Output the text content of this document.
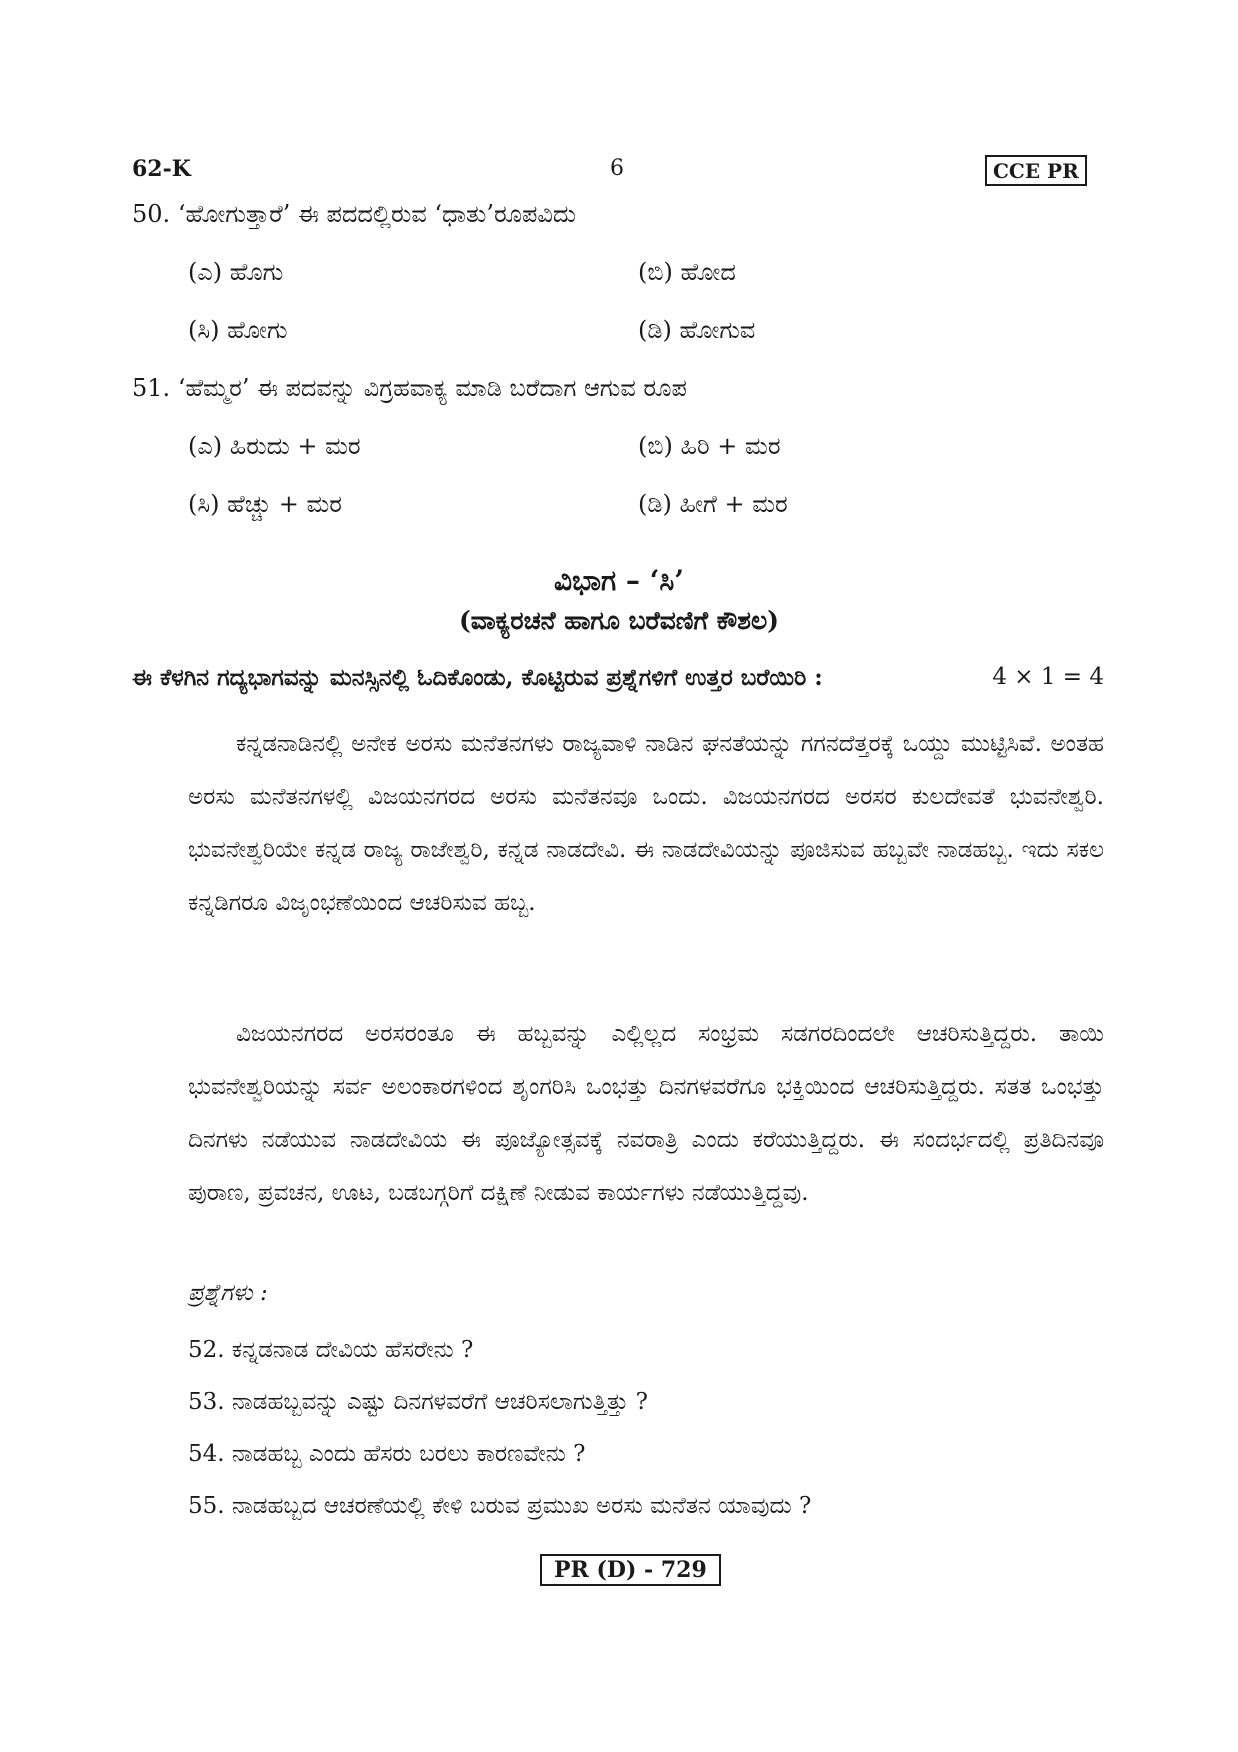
62-K	6	CCE PR
50. ‘ಹೋಗುತ್ತಾರೆ’ ಈ ಪದದಲ್ಲಿರುವ ‘ಧಾತು’ರೂಪವಿದು
(ಎ) ಹೊಗು	(ಬಿ) ಹೋದ
(ಸಿ) ಹೋಗು	(ಡಿ) ಹೋಗುವ
51. ‘ಹೆಮ್ಮರ’ ಈ ಪದವನ್ನು ವಿಗ್ರಹವಾಕ್ಯ ಮಾಡಿ ಬರೆದಾಗ ಆಗುವ ರೂಪ
(ಎ) ಹಿರುದು + ಮರ	(ಬಿ) ಹಿರಿ + ಮರ
(ಸಿ) ಹೆಚ್ಚು + ಮರ	(ಡಿ) ಹೀಗೆ + ಮರ
ವಿಭಾಗ – ‘ಸಿ’
(ವಾಕ್ಯರಚನೆ ಹಾಗೂ ಬರೆವಣಿಗೆ ಕೌಶಲ)
ಈ ಕೆಳಗಿನ ಗದ್ಯಭಾಗವನ್ನು ಮನಸ್ಸಿನಲ್ಲಿ ಓದಿಕೊಂಡು, ಕೊಟ್ಟಿರುವ ಪ್ರಶ್ನೆಗಳಿಗೆ ಉತ್ತರ ಬರೆಯಿರಿ :	4 × 1 = 4

ಕನ್ನಡನಾಡಿನಲ್ಲಿ ಅನೇಕ ಅರಸು ಮನೆತನಗಳು ರಾಜ್ಯವಾಳಿ ನಾಡಿನ ಘನತೆಯನ್ನು ಗಗನದೆತ್ತರಕ್ಕೆ ಒಯ್ದು ಮುಟ್ಟಿಸಿವೆ. ಅಂತಹ ಅರಸು ಮನೆತನಗಳಲ್ಲಿ ವಿಜಯನಗರದ ಅರಸು ಮನೆತನವೂ ಒಂದು. ವಿಜಯನಗರದ ಅರಸರ ಕುಲದೇವತೆ ಭುವನೇಶ್ವರಿ. ಭುವನೇಶ್ವರಿಯೇ ಕನ್ನಡ ರಾಜ್ಯ ರಾಜೇಶ್ವರಿ, ಕನ್ನಡ ನಾಡದೇವಿ. ಈ ನಾಡದೇವಿಯನ್ನು ಪೂಜಿಸುವ ಹಬ್ಬವೇ ನಾಡಹಬ್ಬ. ಇದು ಸಕಲ ಕನ್ನಡಿಗರೂ ವಿಜೃಂಭಣೆಯಿಂದ ಆಚರಿಸುವ ಹಬ್ಬ.

ವಿಜಯನಗರದ ಅರಸರಂತೂ ಈ ಹಬ್ಬವನ್ನು ಎಲ್ಲಿಲ್ಲದ ಸಂಭ್ರಮ ಸಡಗರದಿಂದಲೇ ಆಚರಿಸುತ್ತಿದ್ದರು. ತಾಯಿ ಭುವನೇಶ್ವರಿಯನ್ನು ಸರ್ವ ಅಲಂಕಾರಗಳಿಂದ ಶೃಂಗರಿಸಿ ಒಂಭತ್ತು ದಿನಗಳವರೆಗೂ ಭಕ್ತಿಯಿಂದ ಆಚರಿಸುತ್ತಿದ್ದರು. ಸತತ ಒಂಭತ್ತು ದಿನಗಳು ನಡೆಯುವ ನಾಡದೇವಿಯ ಈ ಪೂಜ್ಯೋತ್ಸವಕ್ಕೆ ನವರಾತ್ರಿ ಎಂದು ಕರೆಯುತ್ತಿದ್ದರು. ಈ ಸಂದರ್ಭದಲ್ಲಿ ಪ್ರತಿದಿನವೂ ಪುರಾಣ, ಪ್ರವಚನ, ಊಟ, ಬಡಬಗ್ಗರಿಗೆ ದಕ್ಷಿಣೆ ನೀಡುವ ಕಾರ್ಯಗಳು ನಡೆಯುತ್ತಿದ್ದವು.

ಪ್ರಶ್ನೆಗಳು :
52. ಕನ್ನಡನಾಡ ದೇವಿಯ ಹೆಸರೇನು ?
53. ನಾಡಹಬ್ಬವನ್ನು ಎಷ್ಟು ದಿನಗಳವರೆಗೆ ಆಚರಿಸಲಾಗುತ್ತಿತ್ತು ?
54. ನಾಡಹಬ್ಬ ಎಂದು ಹೆಸರು ಬರಲು ಕಾರಣವೇನು ?
55. ನಾಡಹಬ್ಬದ ಆಚರಣೆಯಲ್ಲಿ ಕೇಳಿ ಬರುವ ಪ್ರಮುಖ ಅರಸು ಮನೆತನ ಯಾವುದು ?
PR (D) - 729
